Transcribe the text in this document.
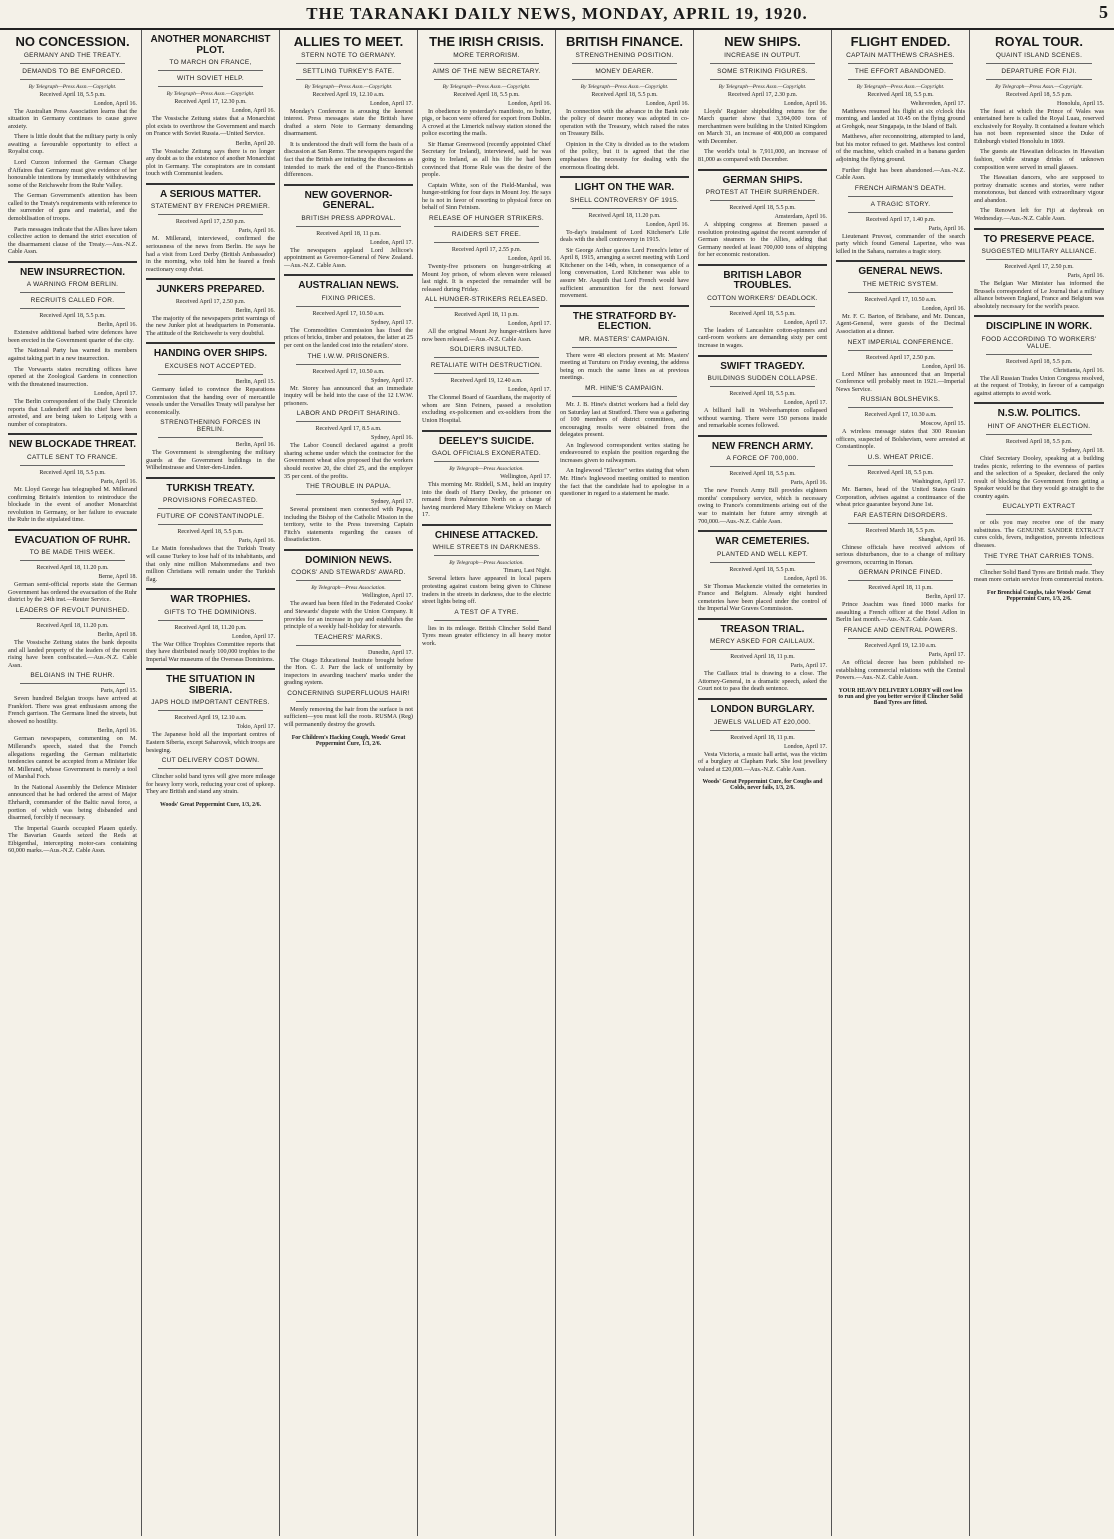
THE TARANAKI DAILY NEWS, MONDAY, APRIL 19, 1920.	5
NO CONCESSION.
GERMANY AND THE TREATY.
DEMANDS TO BE ENFORCED.
By Telegraph—Press Assn.—Copyright.
Received April 18, 5.5 p.m.
London, April 16.

The Australian Press Association learns that the situation in Germany continues to cause grave anxiety.

There is little doubt that the military party is only awaiting a favourable opportunity to effect a Royalist coup.

Lord Curzon informed the German Charge d'Affaires that Germany must give evidence of her honourable intentions by immediately withdrawing some of the Reichswehr from the Ruhr Valley.

The German Government's attention has been called to the Treaty's requirements with reference to the surrender of guns and material, and the demobilisation of troops.

Paris messages indicate that the Allies have taken collective action to demand the strict execution of the disarmament clause of the Treaty.—Aus.-N.Z. Cable Assn.

NEW INSURRECTION.
A WARNING FROM BERLIN.
RECRUITS CALLED FOR.
Received April 18, 5.5 p.m.
Berlin, April 16.

Extensive additional barbed wire defences have been erected in the Government quarter of the city.

The National Party has warned its members against taking part in a new insurrection.

The Vorwaerts states recruiting offices have opened at the Zoological Gardens in connection with the threatened insurrection.

London, April 17.

The Berlin correspondent of the Daily Chronicle reports that Ludendorff and his chief have been arrested, and are being taken to Leipzig with a number of conspirators.

NEW BLOCKADE THREAT.
CATTLE SENT TO FRANCE.
Received April 18, 5.5 p.m.
Paris, April 16.

Mr. Lloyd George has telegraphed M. Millerand confirming Britain's intention to reintroduce the blockade in the event of another Monarchist revolution in Germany, or her failure to evacuate the Ruhr in the stipulated time.

EVACUATION OF RUHR.
TO BE MADE THIS WEEK.
Received April 18, 11.20 p.m.
Berne, April 18.

German semi-official reports state the German Government has ordered the evacuation of the Ruhr district by the 24th inst.—Reuter Service.

LEADERS OF REVOLT PUNISHED.
Received April 18, 11.20 p.m.
Berlin, April 18.

The Vossische Zeitung states the bank deposits and all landed property of the leaders of the recent rising have been confiscated.—Aus.-N.Z. Cable Assn.

BELGIANS IN THE RUHR.
Paris, April 15.

Seven hundred Belgian troops have arrived at Frankfort. There was great enthusiasm among the French garrison. The Germans lined the streets, but showed no hostility.

Berlin, April 16.

German newspapers, commenting on M. Millerand's speech, stated that the French allegations regarding the German militaristic tendencies cannot be accepted from a Minister like M. Millerand, whose Government is merely a tool of Marshal Foch.

In the National Assembly the Defence Minister announced that he had ordered the arrest of Major Ehrhardt, commander of the Baltic naval force, a portion of which was being disbanded and disarmed, forcibly if necessary.

The Imperial Guards occupied Plauen quietly. The Bavarian Guards seized the Reds at Eibigenthal, intercepting motor-cars containing 60,000 marks.—Aus.-N.Z. Cable Assn.

ANOTHER MONARCHIST PLOT.
TO MARCH ON FRANCE,
WITH SOVIET HELP.
By Telegraph—Press Assn.—Copyright.
Received April 17, 12.30 p.m.
London, April 16.

The Vossische Zeitung states that a Monarchist plot exists to overthrow the Government and march on France with Soviet Russia.—United Service.

Berlin, April 20.

The Vossische Zeitung says there is no longer any doubt as to the existence of another Monarchist plot in Germany. The conspirators are in constant touch with Communist leaders.

A SERIOUS MATTER.
STATEMENT BY FRENCH PREMIER.
Received April 17, 2.50 p.m.
Paris, April 16.

M. Millerand, interviewed, confirmed the seriousness of the news from Berlin. He says he had a visit from Lord Derby (British Ambassador) in the morning, who told him he feared a fresh reactionary coup d'etat.

JUNKERS PREPARED.
Received April 17, 2.50 p.m.
Berlin, April 16.

The majority of the newspapers print warnings of the new Junker plot at headquarters in Pomerania. The attitude of the Reichswehr is very doubtful.

HANDING OVER SHIPS.
EXCUSES NOT ACCEPTED.
Berlin, April 15.

Germany failed to convince the Reparations Commission that the handing over of mercantile vessels under the Versailles Treaty will paralyse her economically.

STRENGTHENING FORCES IN BERLIN.
Berlin, April 16.

The Government is strengthening the military guards at the Government buildings in the Wilhelmstrasse and Unter-den-Linden.

TURKISH TREATY.
PROVISIONS FORECASTED.
FUTURE OF CONSTANTINOPLE.
Received April 18, 5.5 p.m.
Paris, April 16.

Le Matin foreshadows that the Turkish Treaty will cause Turkey to lose half of its inhabitants, and that only nine million Mahommedans and two million Christians will remain under the Turkish flag.

WAR TROPHIES.
GIFTS TO THE DOMINIONS.
Received April 18, 11.20 p.m.
London, April 17.

The War Office Trophies Committee reports that they have distributed nearly 100,000 trophies to the Imperial War museums of the Overseas Dominions.

THE SITUATION IN SIBERIA.
JAPS HOLD IMPORTANT CENTRES.
Received April 19, 12.10 a.m.
Tokio, April 17.

The Japanese hold all the important centres of Eastern Siberia, except Saharovsk, which troops are besieging.

CUT DELIVERY COST DOWN.

Clincher solid band tyres will give more mileage for heavy lorry work, reducing your cost of upkeep. They are British and stand any strain.

Woods' Great Peppermint Cure, 1/3, 2/6.
ALLIES TO MEET.
STERN NOTE TO GERMANY.
SETTLING TURKEY'S FATE.
By Telegraph—Press Assn.—Copyright.
Received April 19, 12.10 a.m.
London, April 17.

Monday's Conference is arousing the keenest interest. Press messages state the British have drafted a stern Note to Germany demanding disarmament.

It is understood the draft will form the basis of a discussion at San Remo. The newspapers regard the fact that the British are initiating the discussions as intended to mark the end of the Franco-British differences.

NEW GOVERNOR-GENERAL.
BRITISH PRESS APPROVAL.
Received April 18, 11 p.m.
London, April 17.

The newspapers applaud Lord Jellicoe's appointment as Governor-General of New Zealand.—Aus.-N.Z. Cable Assn.

AUSTRALIAN NEWS.
FIXING PRICES.
Received April 17, 10.50 a.m.
Sydney, April 17.

The Commodities Commission has fixed the prices of bricks, timber and potatoes, the latter at 25 per cent on the landed cost into the retailers' store.

THE I.W.W. PRISONERS.
Received April 17, 10.50 a.m.
Sydney, April 17.

Mr. Storey has announced that an immediate inquiry will be held into the case of the 12 I.W.W. prisoners.

LABOR AND PROFIT SHARING.
Received April 17, 8.5 a.m.
Sydney, April 16.

The Labor Council declared against a profit sharing scheme under which the contractor for the Government wheat silos proposed that the workers should receive 20, the chief 25, and the employer 35 per cent. of the profits.

THE TROUBLE IN PAPUA.
Sydney, April 17.

Several prominent men connected with Papua, including the Bishop of the Catholic Mission in the territory, write to the Press traversing Captain Fitch's statements regarding the causes of dissatisfaction.

DOMINION NEWS.
COOKS' AND STEWARDS' AWARD.
By Telegraph—Press Association.
Wellington, April 17.

The award has been filed in the Federated Cooks' and Stewards' dispute with the Union Company. It provides for an increase in pay and establishes the principle of a weekly half-holiday for stewards.

TEACHERS' MARKS.
Dunedin, April 17.

The Otago Educational Institute brought before the Hon. C. J. Parr the lack of uniformity by inspectors in awarding teachers' marks under the grading system.

CONCERNING SUPERFLUOUS HAIR!

Merely removing the hair from the surface is not sufficient—you must kill the roots. RUSMA (Reg) will permanently destroy the growth.

For Children's Hacking Cough, Woods' Great Peppermint Cure, 1/3, 2/6.
THE IRISH CRISIS.
MORE TERRORISM.
AIMS OF THE NEW SECRETARY.
By Telegraph—Press Assn.—Copyright.
Received April 18, 5.5 p.m.
London, April 16.

In obedience to yesterday's manifesto, no butter, pigs, or bacon were offered for export from Dublin. A crowd at the Limerick railway station stoned the police escorting the mails.

Sir Hamar Greenwood (recently appointed Chief Secretary for Ireland), interviewed, said he was going to Ireland, as all his life he had been convinced that Home Rule was the desire of the people.

Captain White, son of the Field-Marshal, was hunger-striking for four days in Mount Joy. He says he is not in favor of resorting to physical force on behalf of Sinn Feinism.

RELEASE OF HUNGER STRIKERS.
RAIDERS SET FREE.
Received April 17, 2.55 p.m.
London, April 16.

Twenty-five prisoners on hunger-striking at Mount Joy prison, of whom eleven were released last night. It is expected the remainder will be released during Friday.

ALL HUNGER-STRIKERS RELEASED.
Received April 18, 11 p.m.
London, April 17.

All the original Mount Joy hunger-strikers have now been released.—Aus.-N.Z. Cable Assn.

SOLDIERS INSULTED.
RETALIATE WITH DESTRUCTION.
Received April 19, 12.40 a.m.
London, April 17.

The Clonmel Board of Guardians, the majority of whom are Sinn Feiners, passed a resolution excluding ex-policemen and ex-soldiers from the Union Hospital.

DEELEY'S SUICIDE.
GAOL OFFICIALS EXONERATED.
By Telegraph—Press Association.
Wellington, April 17.

This morning Mr. Riddell, S.M., held an inquiry into the death of Harry Deeley, the prisoner on remand from Palmerston North on a charge of having murdered Mary Ethelene Wickey on March 17.

CHINESE ATTACKED.
WHILE STREETS IN DARKNESS.
By Telegraph—Press Association.
Timaru, Last Night.

Several letters have appeared in local papers protesting against custom being given to Chinese traders in the streets in darkness, due to the electric street lights being off.

A TEST OF A TYRE.

lies in its mileage. British Clincher Solid Band Tyres mean greater efficiency in all heavy motor work.

BRITISH FINANCE.
STRENGTHENING POSITION.
MONEY DEARER.
By Telegraph—Press Assn.—Copyright.
Received April 18, 5.5 p.m.
London, April 16.

In connection with the advance in the Bank rate the policy of dearer money was adopted in co-operation with the Treasury, which raised the rates on Treasury Bills.

Opinion in the City is divided as to the wisdom of the policy, but it is agreed that the rise emphasises the necessity for dealing with the enormous floating debt.

LIGHT ON THE WAR.
SHELL CONTROVERSY OF 1915.
Received April 18, 11.20 p.m.
London, April 16.

To-day's instalment of Lord Kitchener's Life deals with the shell controversy in 1915.

Sir George Arthur quotes Lord French's letter of April 8, 1915, arranging a secret meeting with Lord Kitchener on the 14th, when, in consequence of a long conversation, Lord Kitchener was able to assure Mr. Asquith that Lord French would have sufficient ammunition for the next forward movement.

THE STRATFORD BY-ELECTION.
MR. MASTERS' CAMPAIGN.

There were 48 electors present at Mr. Masters' meeting at Turuturu on Friday evening, the address being on much the same lines as at previous meetings.

MR. HINE'S CAMPAIGN.

Mr. J. B. Hine's district workers had a field day on Saturday last at Stratford. There was a gathering of 100 members of district committees, and encouraging results were obtained from the delegates present.

An Inglewood correspondent writes stating he endeavoured to explain the position regarding the increases given to railwaymen.

An Inglewood "Elector" writes stating that when Mr. Hine's Inglewood meeting omitted to mention the fact that the candidate had to apologise in a questioner in regard to a statement he made.

NEW SHIPS.
INCREASE IN OUTPUT.
SOME STRIKING FIGURES.
By Telegraph—Press Assn.—Copyright.
Received April 17, 2.30 p.m.
London, April 16.

Lloyds' Register shipbuilding returns for the March quarter show that 3,394,000 tons of merchantmen were building in the United Kingdom on March 31, an increase of 400,000 as compared with December.

The world's total is 7,911,000, an increase of 81,000 as compared with December.

GERMAN SHIPS.
PROTEST AT THEIR SURRENDER.
Received April 18, 5.5 p.m.
Amsterdam, April 16.

A shipping congress at Bremen passed a resolution protesting against the recent surrender of German steamers to the Allies, adding that Germany needed at least 700,000 tons of shipping for her economic restoration.

BRITISH LABOR TROUBLES.
COTTON WORKERS' DEADLOCK.
Received April 18, 5.5 p.m.
London, April 17.

The leaders of Lancashire cotton-spinners and card-room workers are demanding sixty per cent increase in wages.

SWIFT TRAGEDY.
BUILDINGS SUDDEN COLLAPSE.
Received April 18, 5.5 p.m.
London, April 17.

A billiard hall in Wolverhampton collapsed without warning. There were 150 persons inside and remarkable scenes followed.

NEW FRENCH ARMY.
A FORCE OF 700,000.
Received April 18, 5.5 p.m.
Paris, April 16.

The new French Army Bill provides eighteen months' compulsory service, which is necessary owing to France's commitments arising out of the war to maintain her future army strength at 700,000.—Aus.-N.Z. Cable Assn.

WAR CEMETERIES.
PLANTED AND WELL KEPT.
Received April 18, 5.5 p.m.
London, April 16.

Sir Thomas Mackenzie visited the cemeteries in France and Belgium. Already eight hundred cemeteries have been placed under the control of the Imperial War Graves Commission.

TREASON TRIAL.
MERCY ASKED FOR CAILLAUX.
Received April 18, 11 p.m.
Paris, April 17.

The Caillaux trial is drawing to a close. The Attorney-General, in a dramatic speech, asked the Court not to pass the death sentence.

LONDON BURGLARY.
JEWELS VALUED AT £20,000.
Received April 18, 11 p.m.
London, April 17.

Vesta Victoria, a music hall artist, was the victim of a burglary at Clapham Park. She lost jewellery valued at £20,000.—Aus.-N.Z. Cable Assn.

Woods' Great Peppermint Cure, for Coughs and Colds, never fails, 1/3, 2/6.
FLIGHT ENDED.
CAPTAIN MATTHEWS CRASHES.
THE EFFORT ABANDONED.
By Telegraph—Press Assn.—Copyright.
Received April 18, 5.5 p.m.
Weltevreden, April 17.

Matthews resumed his flight at six o'clock this morning, and landed at 10.45 on the flying ground at Grohgok, near Singapaja, in the Island of Bali.

Matthews, after reconnoitring, attempted to land, but his motor refused to get. Matthews lost control of the machine, which crashed in a banana garden adjoining the flying ground.

Further flight has been abandoned.—Aus.-N.Z. Cable Assn.

FRENCH AIRMAN'S DEATH.
A TRAGIC STORY.
Received April 17, 1.40 p.m.
Paris, April 16.

Lieutenant Pruvost, commander of the search party which found General Laperine, who was killed in the Sahara, narrates a tragic story.

GENERAL NEWS.
THE METRIC SYSTEM.
Received April 17, 10.50 a.m.
London, April 16.

Mr. F. C. Barton, of Brisbane, and Mr. Duncan, Agent-General, were guests of the Decimal Association at a dinner.

NEXT IMPERIAL CONFERENCE.
Received April 17, 2.50 p.m.
London, April 16.

Lord Milner has announced that an Imperial Conference will probably meet in 1921.—Imperial News Service.

RUSSIAN BOLSHEVIKS.
Received April 17, 10.30 a.m.
Moscow, April 15.

A wireless message states that 300 Russian officers, suspected of Bolshevism, were arrested at Constantinople.

U.S. WHEAT PRICE.
Received April 18, 5.5 p.m.
Washington, April 17.

Mr. Barnes, head of the United States Grain Corporation, advises against a continuance of the wheat price guarantee beyond June 1st.

FAR EASTERN DISORDERS.
Received March 18, 5.5 p.m.
Shanghai, April 16.

Chinese officials have received advices of serious disturbances, due to a change of military governors, occurring in Honan.

GERMAN PRINCE FINED.
Received April 18, 11 p.m.
Berlin, April 17.

Prince Joachim was fined 1000 marks for assaulting a French officer at the Hotel Adlon in Berlin last month.—Aus.-N.Z. Cable Assn.

FRANCE AND CENTRAL POWERS.
Received April 19, 12.10 a.m.
Paris, April 17.

An official decree has been published re-establishing commercial relations with the Central Powers.—Aus.-N.Z. Cable Assn.

YOUR HEAVY DELIVERY LORRY will cost less to run and give you better service if Clincher Solid Band Tyres are fitted.
ROYAL TOUR.
QUAINT ISLAND SCENES.
DEPARTURE FOR FIJI.
By Telegraph—Press Assn.—Copyright.
Received April 18, 5.5 p.m.
Honolulu, April 15.

The feast at which the Prince of Wales was entertained here is called the Royal Luau, reserved exclusively for Royalty. It contained a feature which has not been represented since the Duke of Edinburgh visited Honolulu in 1869.

The guests ate Hawaiian delicacies in Hawaiian fashion, while strange drinks of unknown composition were served in small glasses.

The Hawaiian dancers, who are supposed to portray dramatic scenes and stories, were rather monotonous, but danced with extraordinary vigour and abandon.

The Renown left for Fiji at daybreak on Wednesday.—Aus.-N.Z. Cable Assn.

TO PRESERVE PEACE.
SUGGESTED MILITARY ALLIANCE.
Received April 17, 2.50 p.m.
Paris, April 16.

The Belgian War Minister has informed the Brussels correspondent of Le Journal that a military alliance between England, France and Belgium was absolutely necessary for the world's peace.

DISCIPLINE IN WORK.
FOOD ACCORDING TO WORKERS' VALUE.
Received April 18, 5.5 p.m.
Christiania, April 16.

The All Russian Trades Union Congress resolved, at the request of Trotsky, in favour of a campaign against attempts to avoid work.

N.S.W. POLITICS.
HINT OF ANOTHER ELECTION.
Received April 18, 5.5 p.m.
Sydney, April 18.

Chief Secretary Dooley, speaking at a building trades picnic, referring to the evenness of parties and the selection of a Speaker, declared the only result of blocking the Government from getting a Speaker would be that they would go straight to the country again.

EUCALYPTI EXTRACT

or oils you may receive one of the many substitutes. The GENUINE SANDER EXTRACT cures colds, fevers, indigestion, prevents infectious diseases.

THE TYRE THAT CARRIES TONS.

Clincher Solid Band Tyres are British made. They mean more certain service from commercial motors.

For Bronchial Coughs, take Woods' Great Peppermint Cure, 1/3, 2/6.
